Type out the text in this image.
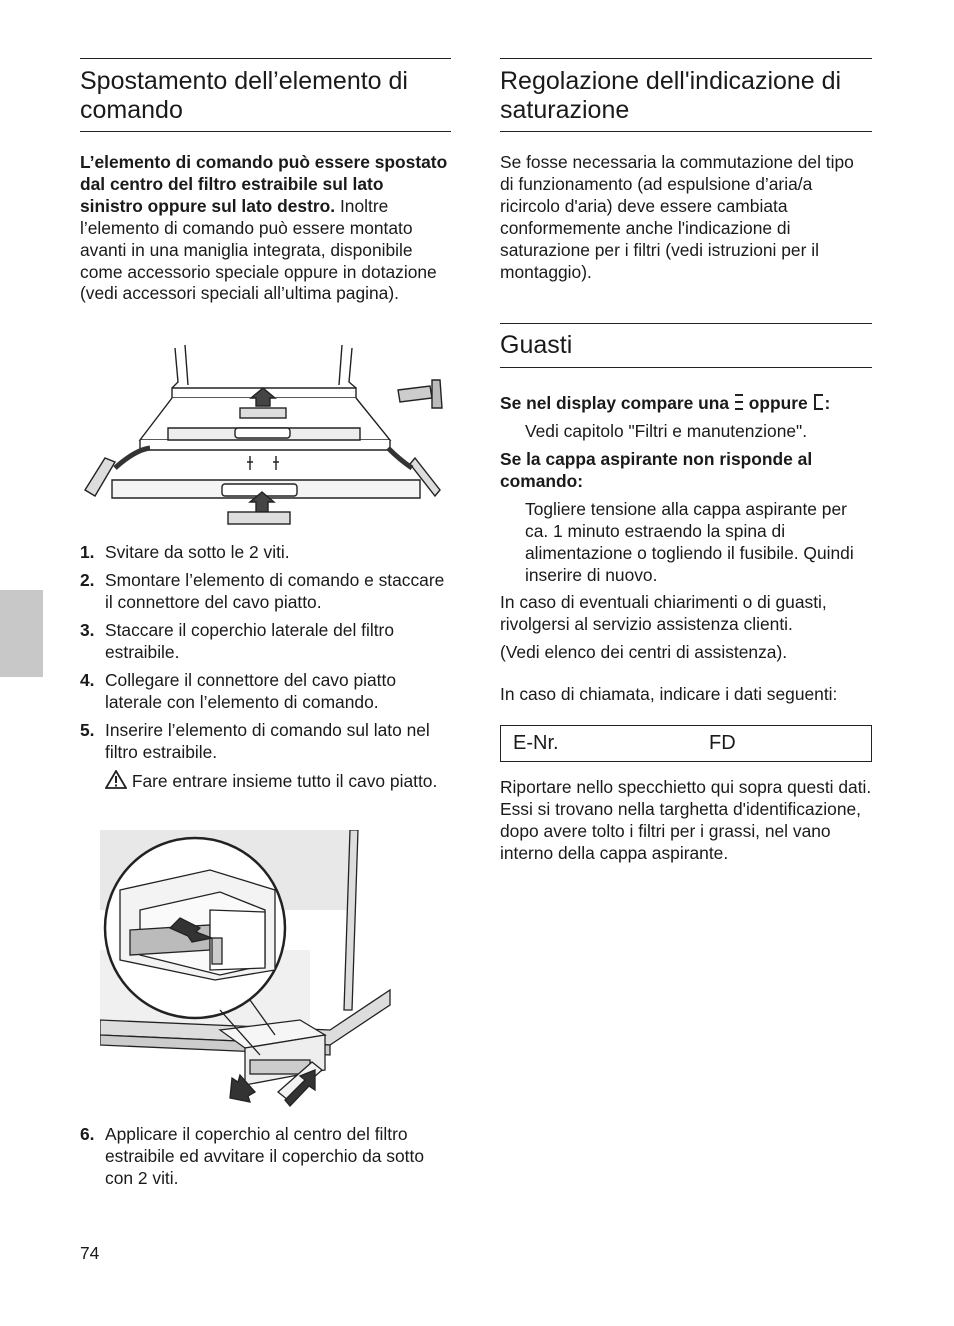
Spostamento dell’elemento di comando

L’elemento di comando può essere spostato dal centro del filtro estraibile sul lato sinistro oppure sul lato destro. Inoltre l’elemento di comando può essere montato avanti in una maniglia integrata, disponibile come accessorio speciale oppure in dotazione (vedi accessori speciali all’ultima pagina).

1. Svitare da sotto le 2 viti.
2. Smontare l’elemento di comando e staccare il connettore del cavo piatto.
3. Staccare il coperchio laterale del filtro estraibile.
4. Collegare il connettore del cavo piatto laterale con l’elemento di comando.
5. Inserire l’elemento di comando sul lato nel filtro estraibile.
Fare entrare insieme tutto il cavo piatto.
6. Applicare il coperchio al centro del filtro estraibile ed avvitare il coperchio da sotto con 2 viti.
74
Regolazione dell'indicazione di saturazione

Se fosse necessaria la commutazione del tipo di funzionamento (ad espulsione d’aria/a ricircolo d'aria) deve essere cambiata conformemente anche l'indicazione di saturazione per i filtri (vedi istruzioni per il montaggio).

Guasti

Se nel display compare una oppure :

Vedi capitolo "Filtri e manutenzione".

Se la cappa aspirante non risponde al comando:

Togliere tensione alla cappa aspirante per ca. 1 minuto estraendo la spina di alimentazione o togliendo il fusibile. Quindi inserire di nuovo.

In caso di eventuali chiarimenti o di guasti, rivolgersi al servizio assistenza clienti.

(Vedi elenco dei centri di assistenza).

In caso di chiamata, indicare i dati seguenti:

E-Nr.	FD

Riportare nello specchietto qui sopra questi dati. Essi si trovano nella targhetta d'identificazione, dopo avere tolto i filtri per i grassi, nel vano interno della cappa aspirante.
